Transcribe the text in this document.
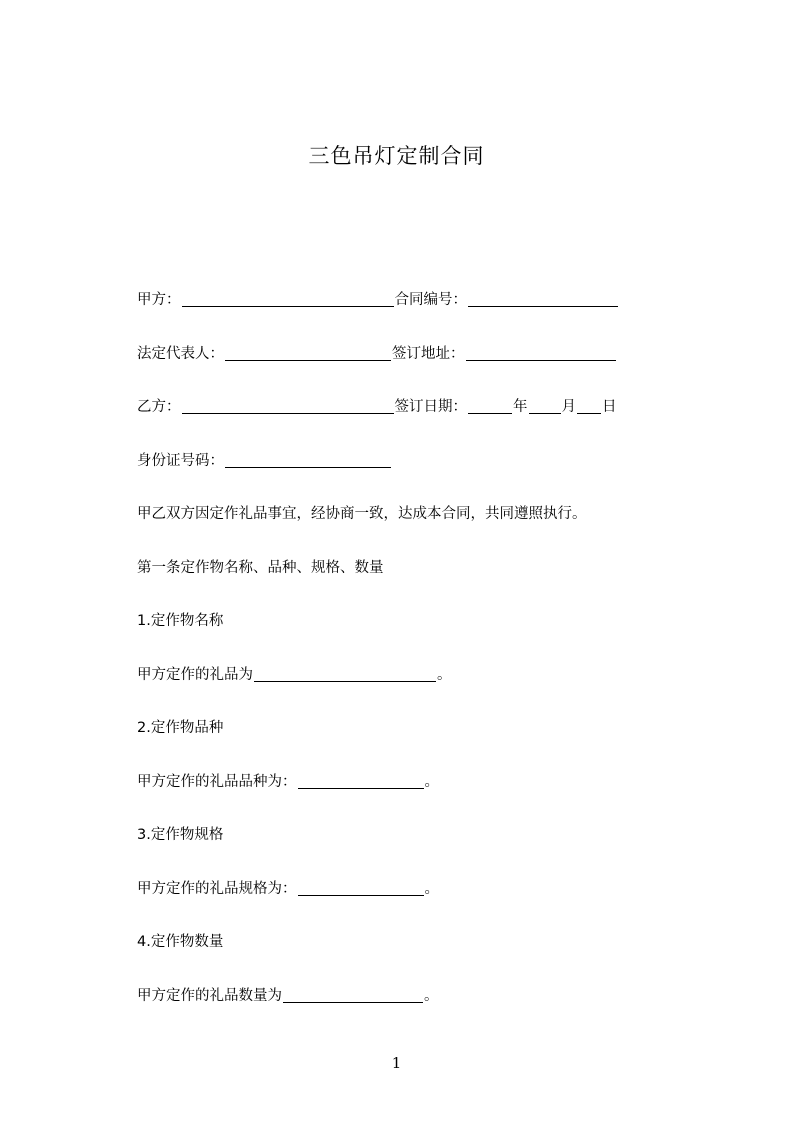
三色吊灯定制合同
甲方：	合同编号：
法定代表人：	签订地址：
乙方：	签订日期：	年 月 日
身份证号码：
甲乙双方因定作礼品事宜，经协商一致，达成本合同，共同遵照执行。
第一条定作物名称、品种、规格、数量
1.定作物名称
甲方定作的礼品为	。
2.定作物品种
甲方定作的礼品品种为：	。
3.定作物规格
甲方定作的礼品规格为：	。
4.定作物数量
甲方定作的礼品数量为	。
1
